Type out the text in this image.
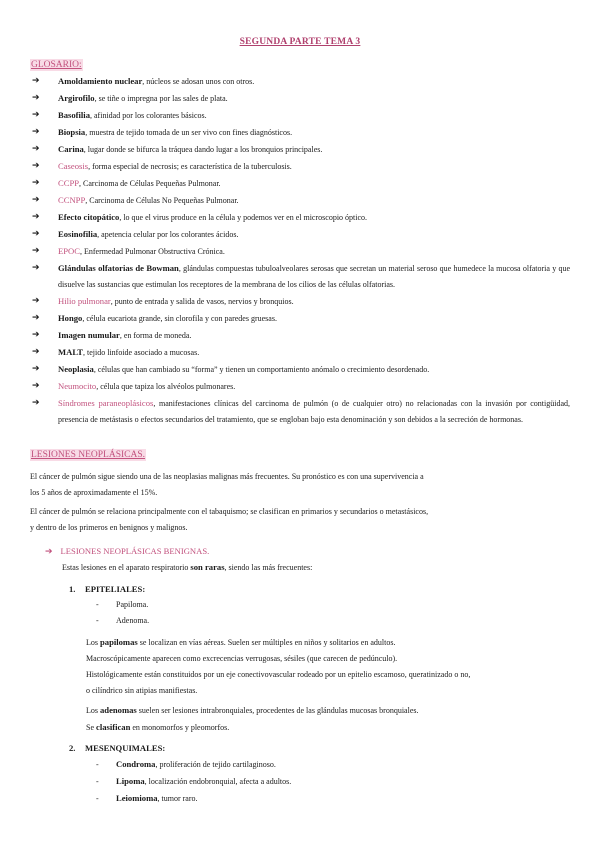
SEGUNDA PARTE TEMA 3
GLOSARIO:
➔ Amoldamiento nuclear, núcleos se adosan unos con otros.
➔ Argirofilo, se tiñe o impregna por las sales de plata.
➔ Basofilia, afinidad por los colorantes básicos.
➔ Biopsia, muestra de tejido tomada de un ser vivo con fines diagnósticos.
➔ Carina, lugar donde se bifurca la tráquea dando lugar a los bronquios principales.
➔ Caseosis, forma especial de necrosis; es característica de la tuberculosis.
➔ CCPP, Carcinoma de Células Pequeñas Pulmonar.
➔ CCNPP, Carcinoma de Células No Pequeñas Pulmonar.
➔ Efecto citopático, lo que el virus produce en la célula y podemos ver en el microscopio óptico.
➔ Eosinofilia, apetencia celular por los colorantes ácidos.
➔ EPOC, Enfermedad Pulmonar Obstructiva Crónica.
➔ Glándulas olfatorias de Bowman, glándulas compuestas tubuloalveolares serosas que secretan un material seroso que humedece la mucosa olfatoria y que disuelve las sustancias que estimulan los receptores de la membrana de los cilios de las células olfatorias.
➔ Hilio pulmonar, punto de entrada y salida de vasos, nervios y bronquios.
➔ Hongo, célula eucariota grande, sin clorofila y con paredes gruesas.
➔ Imagen numular, en forma de moneda.
➔ MALT, tejido linfoide asociado a mucosas.
➔ Neoplasia, células que han cambiado su “forma” y tienen un comportamiento anómalo o crecimiento desordenado.
➔ Neumocito, célula que tapiza los alvéolos pulmonares.
➔ Síndromes paraneoplásicos, manifestaciones clínicas del carcinoma de pulmón (o de cualquier otro) no relacionadas con la invasión por contigüidad, presencia de metástasis o efectos secundarios del tratamiento, que se engloban bajo esta denominación y son debidos a la secreción de hormonas.
LESIONES NEOPLÁSICAS.
El cáncer de pulmón sigue siendo una de las neoplasias malignas más frecuentes. Su pronóstico es con una supervivencia a
los 5 años de aproximadamente el 15%.
El cáncer de pulmón se relaciona principalmente con el tabaquismo; se clasifican en primarios y secundarios o metastásicos,
y dentro de los primeros en benignos y malignos.
➔ LESIONES NEOPLÁSICAS BENIGNAS.
Estas lesiones en el aparato respiratorio son raras, siendo las más frecuentes:
1. EPITELIALES:
- Papiloma.
- Adenoma.
Los papilomas se localizan en vías aéreas. Suelen ser múltiples en niños y solitarios en adultos.
Macroscópicamente aparecen como excrecencias verrugosas, sésiles (que carecen de pedúnculo).
Histológicamente están constituidos por un eje conectivovascular rodeado por un epitelio escamoso, queratinizado o no,
o cilíndrico sin atipias manifiestas.
Los adenomas suelen ser lesiones intrabronquiales, procedentes de las glándulas mucosas bronquiales.
Se clasifican en monomorfos y pleomorfos.
2. MESENQUIMALES:
- Condroma, proliferación de tejido cartilaginoso.
- Lipoma, localización endobronquial, afecta a adultos.
- Leiomioma, tumor raro.
